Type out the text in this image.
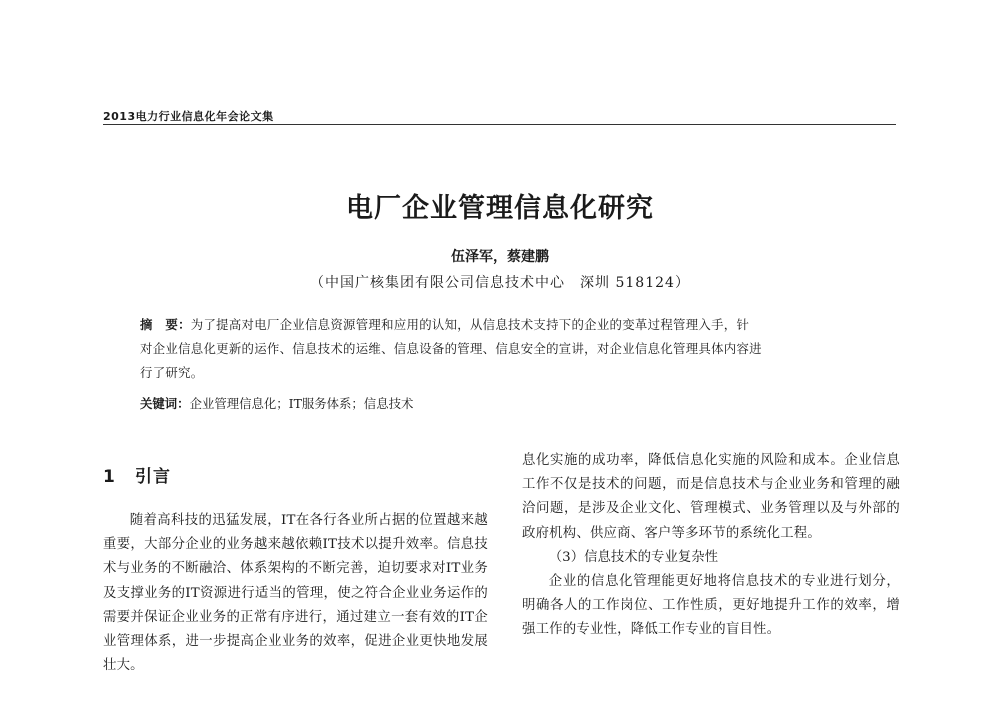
2013电力行业信息化年会论文集
电厂企业管理信息化研究
伍泽军，蔡建鹏
（中国广核集团有限公司信息技术中心　深圳 518124）

摘　要：为了提高对电厂企业信息资源管理和应用的认知，从信息技术支持下的企业的变革过程管理入手，针

对企业信息化更新的运作、信息技术的运维、信息设备的管理、信息安全的宣讲，对企业信息化管理具体内容进

行了研究。

关键词：企业管理信息化；IT服务体系；信息技术
1 引言

随着高科技的迅猛发展，IT在各行各业所占据的位置越来越重要，大部分企业的业务越来越依赖IT技术以提升效率。信息技术与业务的不断融洽、体系架构的不断完善，迫切要求对IT业务及支撑业务的IT资源进行适当的管理，使之符合企业业务运作的需要并保证企业业务的正常有序进行，通过建立一套有效的IT企业管理体系，进一步提高企业业务的效率，促进企业更快地发展壮大。

息化实施的成功率，降低信息化实施的风险和成本。企业信息工作不仅是技术的问题，而是信息技术与企业业务和管理的融洽问题，是涉及企业文化、管理模式、业务管理以及与外部的政府机构、供应商、客户等多环节的系统化工程。

（3）信息技术的专业复杂性

企业的信息化管理能更好地将信息技术的专业进行划分，明确各人的工作岗位、工作性质，更好地提升工作的效率，增强工作的专业性，降低工作专业的盲目性。
